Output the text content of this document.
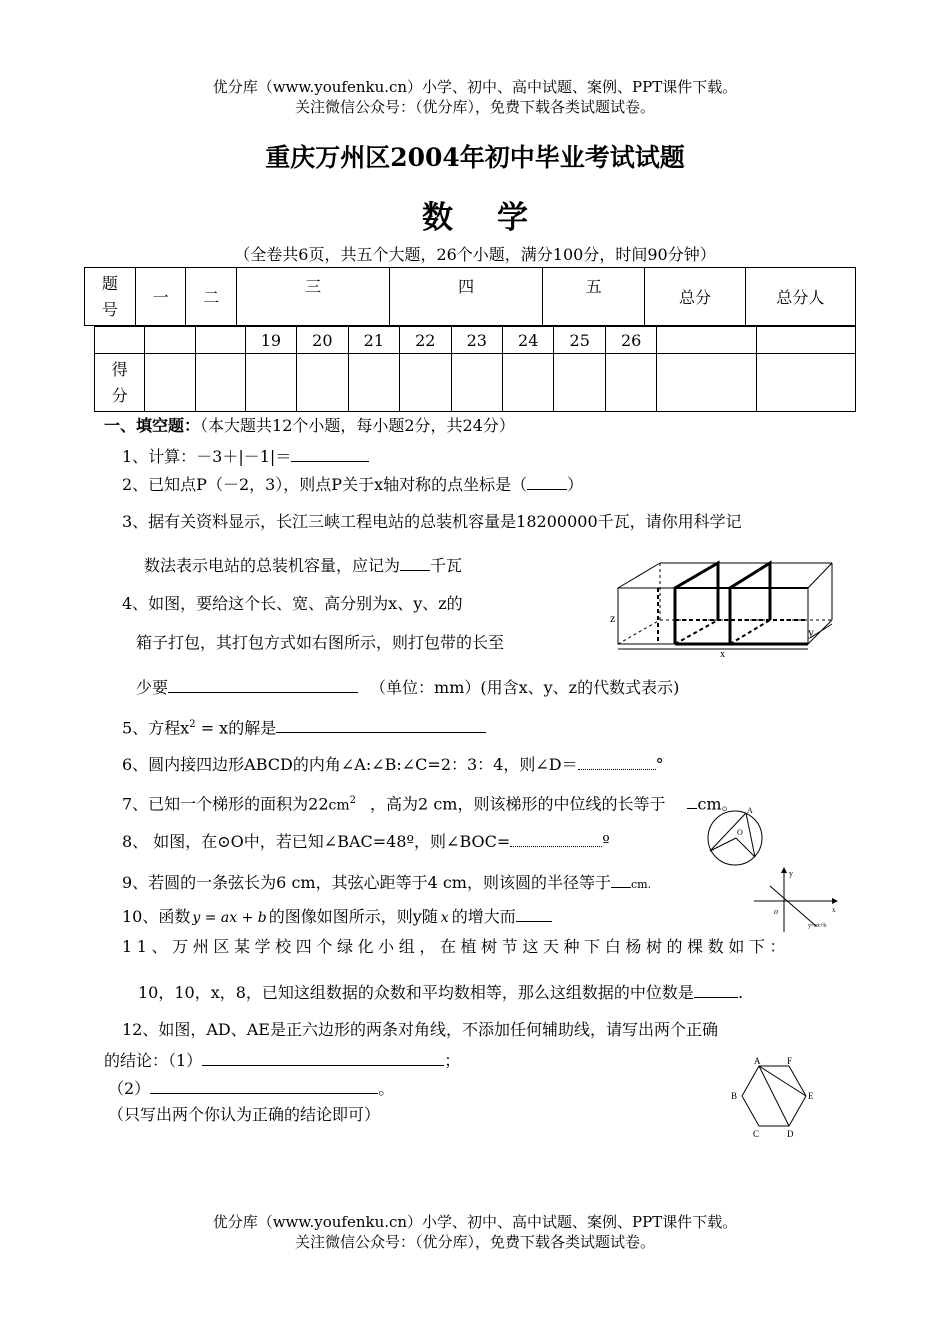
优分库（www.youfenku.cn）小学、初中、高中试题、案例、PPT课件下载。
关注微信公众号：（优分库），免费下载各类试题试卷。
重庆万州区2004年初中毕业考试试题
数学
（全卷共6页，共五个大题，26个小题，满分100分，时间90分钟）
题
号	一	二	三	四	五	总分	总分人
			19	20	21	22	23	24	25	26		
得
分												
一、填空题：（本大题共12个小题，每小题2分，共24分）
1、计算：－3＋|－1|＝
2、已知点P（－2，3），则点P关于x轴对称的点坐标是（	）
3、据有关资料显示，长江三峡工程电站的总装机容量是18200000千瓦，请你用科学记
数法表示电站的总装机容量，应记为 千瓦
4、如图，要给这个长、宽、高分别为x、y、z的
箱子打包，其打包方式如右图所示，则打包带的长至
少要	（单位：mm）(用含x、y、z的代数式表示)
z
y
x
5、方程$x^2 = x$的解是
6、圆内接四边形ABCD的内角∠A:∠B:∠C=2：3：4，则∠D＝	°
7、已知一个梯形的面积为$22cm^2$ ，高为2 cm，则该梯形的中位线的长等于 cm。
8、 如图，在⊙O中，若已知∠BAC=48º，则∠BOC=	º
A
O
9、若圆的一条弦长为6 cm，其弦心距等于4 cm，则该圆的半径等于 cm.
10、函数 y = ax + b 的图像如图所示，则y随 x 的增大而
y
x
o
y=ax+b
11、万州区某学校四个绿化小组，在植树节这天种下白杨树的棵数如下：
10，10，x，8，已知这组数据的众数和平均数相等，那么这组数据的中位数是	.
12、如图，AD、AE是正六边形的两条对角线，不添加任何辅助线，请写出两个正确
的结论：（1）	；
（2）	。
（只写出两个你认为正确的结论即可）
A	F
B	E
C	D
优分库（www.youfenku.cn）小学、初中、高中试题、案例、PPT课件下载。
关注微信公众号：（优分库），免费下载各类试题试卷。
